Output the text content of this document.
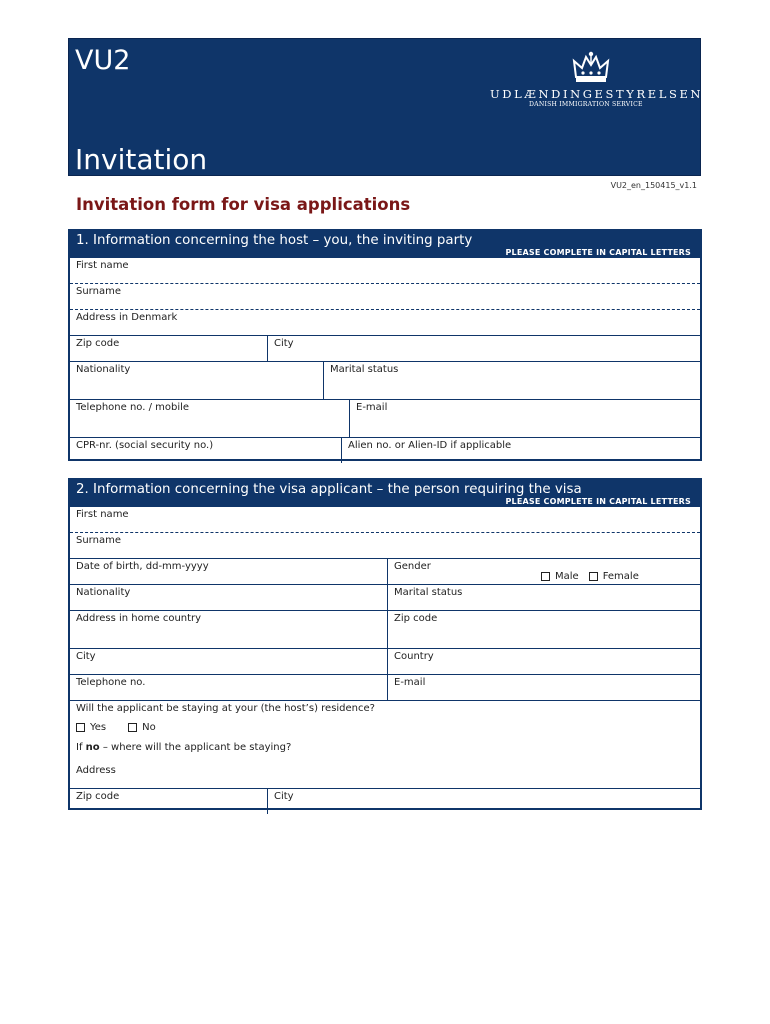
VU2
UDLÆNDINGESTYRELSEN
DANISH IMMIGRATION SERVICE
Invitation
VU2_en_150415_v1.1
Invitation form for visa applications
1. Information concerning the host – you, the inviting party
PLEASE COMPLETE IN CAPITAL LETTERS
First name
Surname
Address in Denmark
Zip code	City
Nationality	Marital status
Telephone no. / mobile	E-mail
CPR-nr. (social security no.)	Alien no. or Alien-ID if applicable
2. Information concerning the visa applicant – the person requiring the visa
PLEASE COMPLETE IN CAPITAL LETTERS
First name
Surname
Date of birth, dd-mm-yyyy	Gender
Male Female
Nationality	Marital status
Address in home country	Zip code
City	Country
Telephone no.	E-mail
Will the applicant be staying at your (the host’s) residence?
Yes	No
If no – where will the applicant be staying?
Address
Zip code	City
